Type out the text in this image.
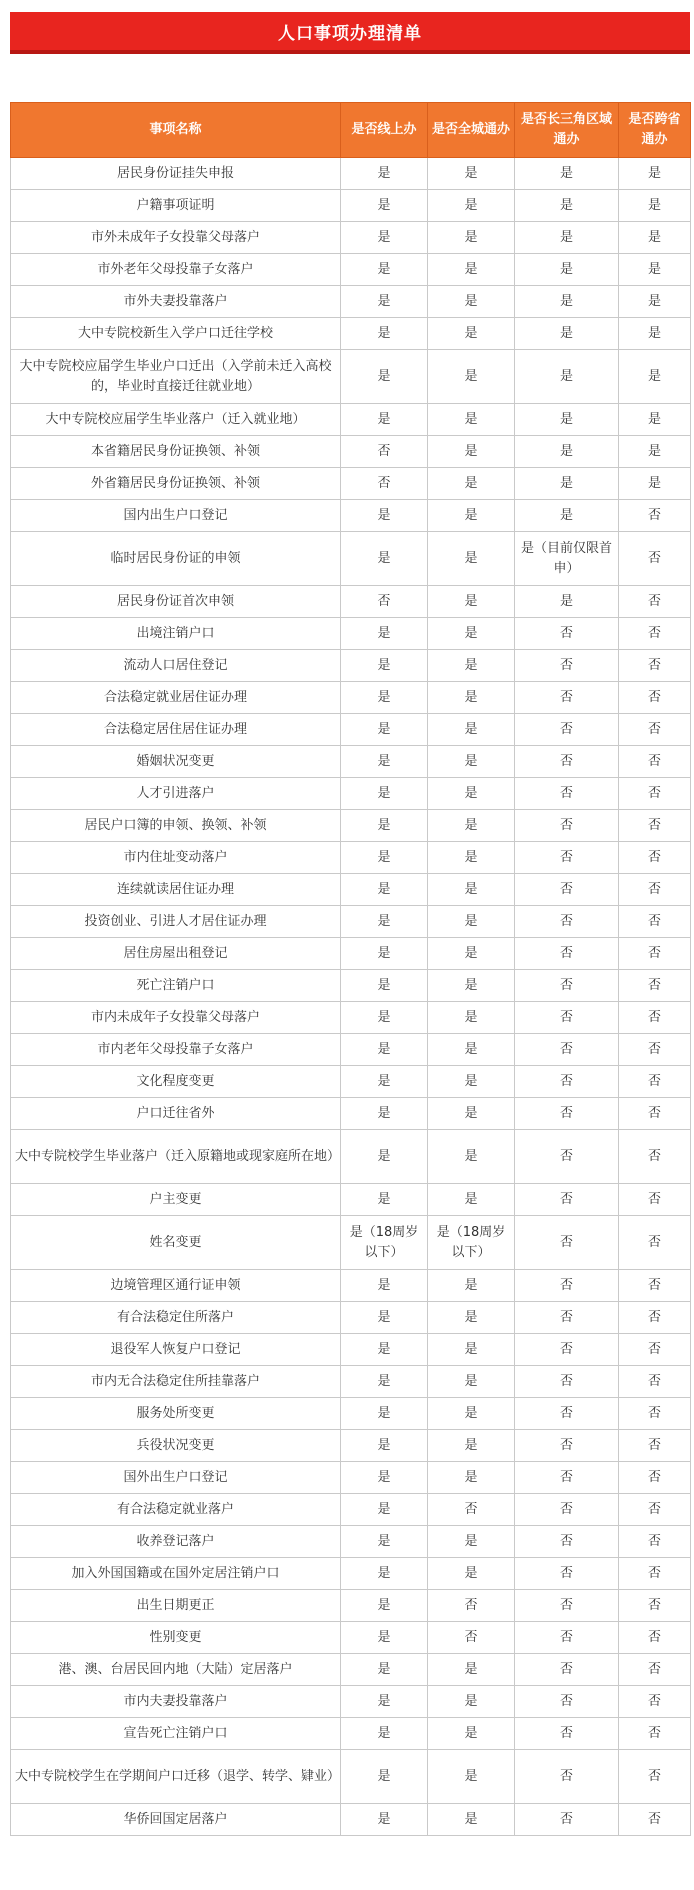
人口事项办理清单
事项名称	是否线上办	是否全城通办	是否长三角区域通办	是否跨省通办
居民身份证挂失申报	是	是	是	是
户籍事项证明	是	是	是	是
市外未成年子女投靠父母落户	是	是	是	是
市外老年父母投靠子女落户	是	是	是	是
市外夫妻投靠落户	是	是	是	是
大中专院校新生入学户口迁往学校	是	是	是	是
大中专院校应届学生毕业户口迁出（入学前未迁入高校的，毕业时直接迁往就业地）	是	是	是	是
大中专院校应届学生毕业落户（迁入就业地）	是	是	是	是
本省籍居民身份证换领、补领	否	是	是	是
外省籍居民身份证换领、补领	否	是	是	是
国内出生户口登记	是	是	是	否
临时居民身份证的申领	是	是	是（目前仅限首申）	否
居民身份证首次申领	否	是	是	否
出境注销户口	是	是	否	否
流动人口居住登记	是	是	否	否
合法稳定就业居住证办理	是	是	否	否
合法稳定居住居住证办理	是	是	否	否
婚姻状况变更	是	是	否	否
人才引进落户	是	是	否	否
居民户口簿的申领、换领、补领	是	是	否	否
市内住址变动落户	是	是	否	否
连续就读居住证办理	是	是	否	否
投资创业、引进人才居住证办理	是	是	否	否
居住房屋出租登记	是	是	否	否
死亡注销户口	是	是	否	否
市内未成年子女投靠父母落户	是	是	否	否
市内老年父母投靠子女落户	是	是	否	否
文化程度变更	是	是	否	否
户口迁往省外	是	是	否	否
大中专院校学生毕业落户（迁入原籍地或现家庭所在地）	是	是	否	否
户主变更	是	是	否	否
姓名变更	是（18周岁以下）	是（18周岁以下）	否	否
边境管理区通行证申领	是	是	否	否
有合法稳定住所落户	是	是	否	否
退役军人恢复户口登记	是	是	否	否
市内无合法稳定住所挂靠落户	是	是	否	否
服务处所变更	是	是	否	否
兵役状况变更	是	是	否	否
国外出生户口登记	是	是	否	否
有合法稳定就业落户	是	否	否	否
收养登记落户	是	是	否	否
加入外国国籍或在国外定居注销户口	是	是	否	否
出生日期更正	是	否	否	否
性别变更	是	否	否	否
港、澳、台居民回内地（大陆）定居落户	是	是	否	否
市内夫妻投靠落户	是	是	否	否
宣告死亡注销户口	是	是	否	否
大中专院校学生在学期间户口迁移（退学、转学、肄业）	是	是	否	否
华侨回国定居落户	是	是	否	否
